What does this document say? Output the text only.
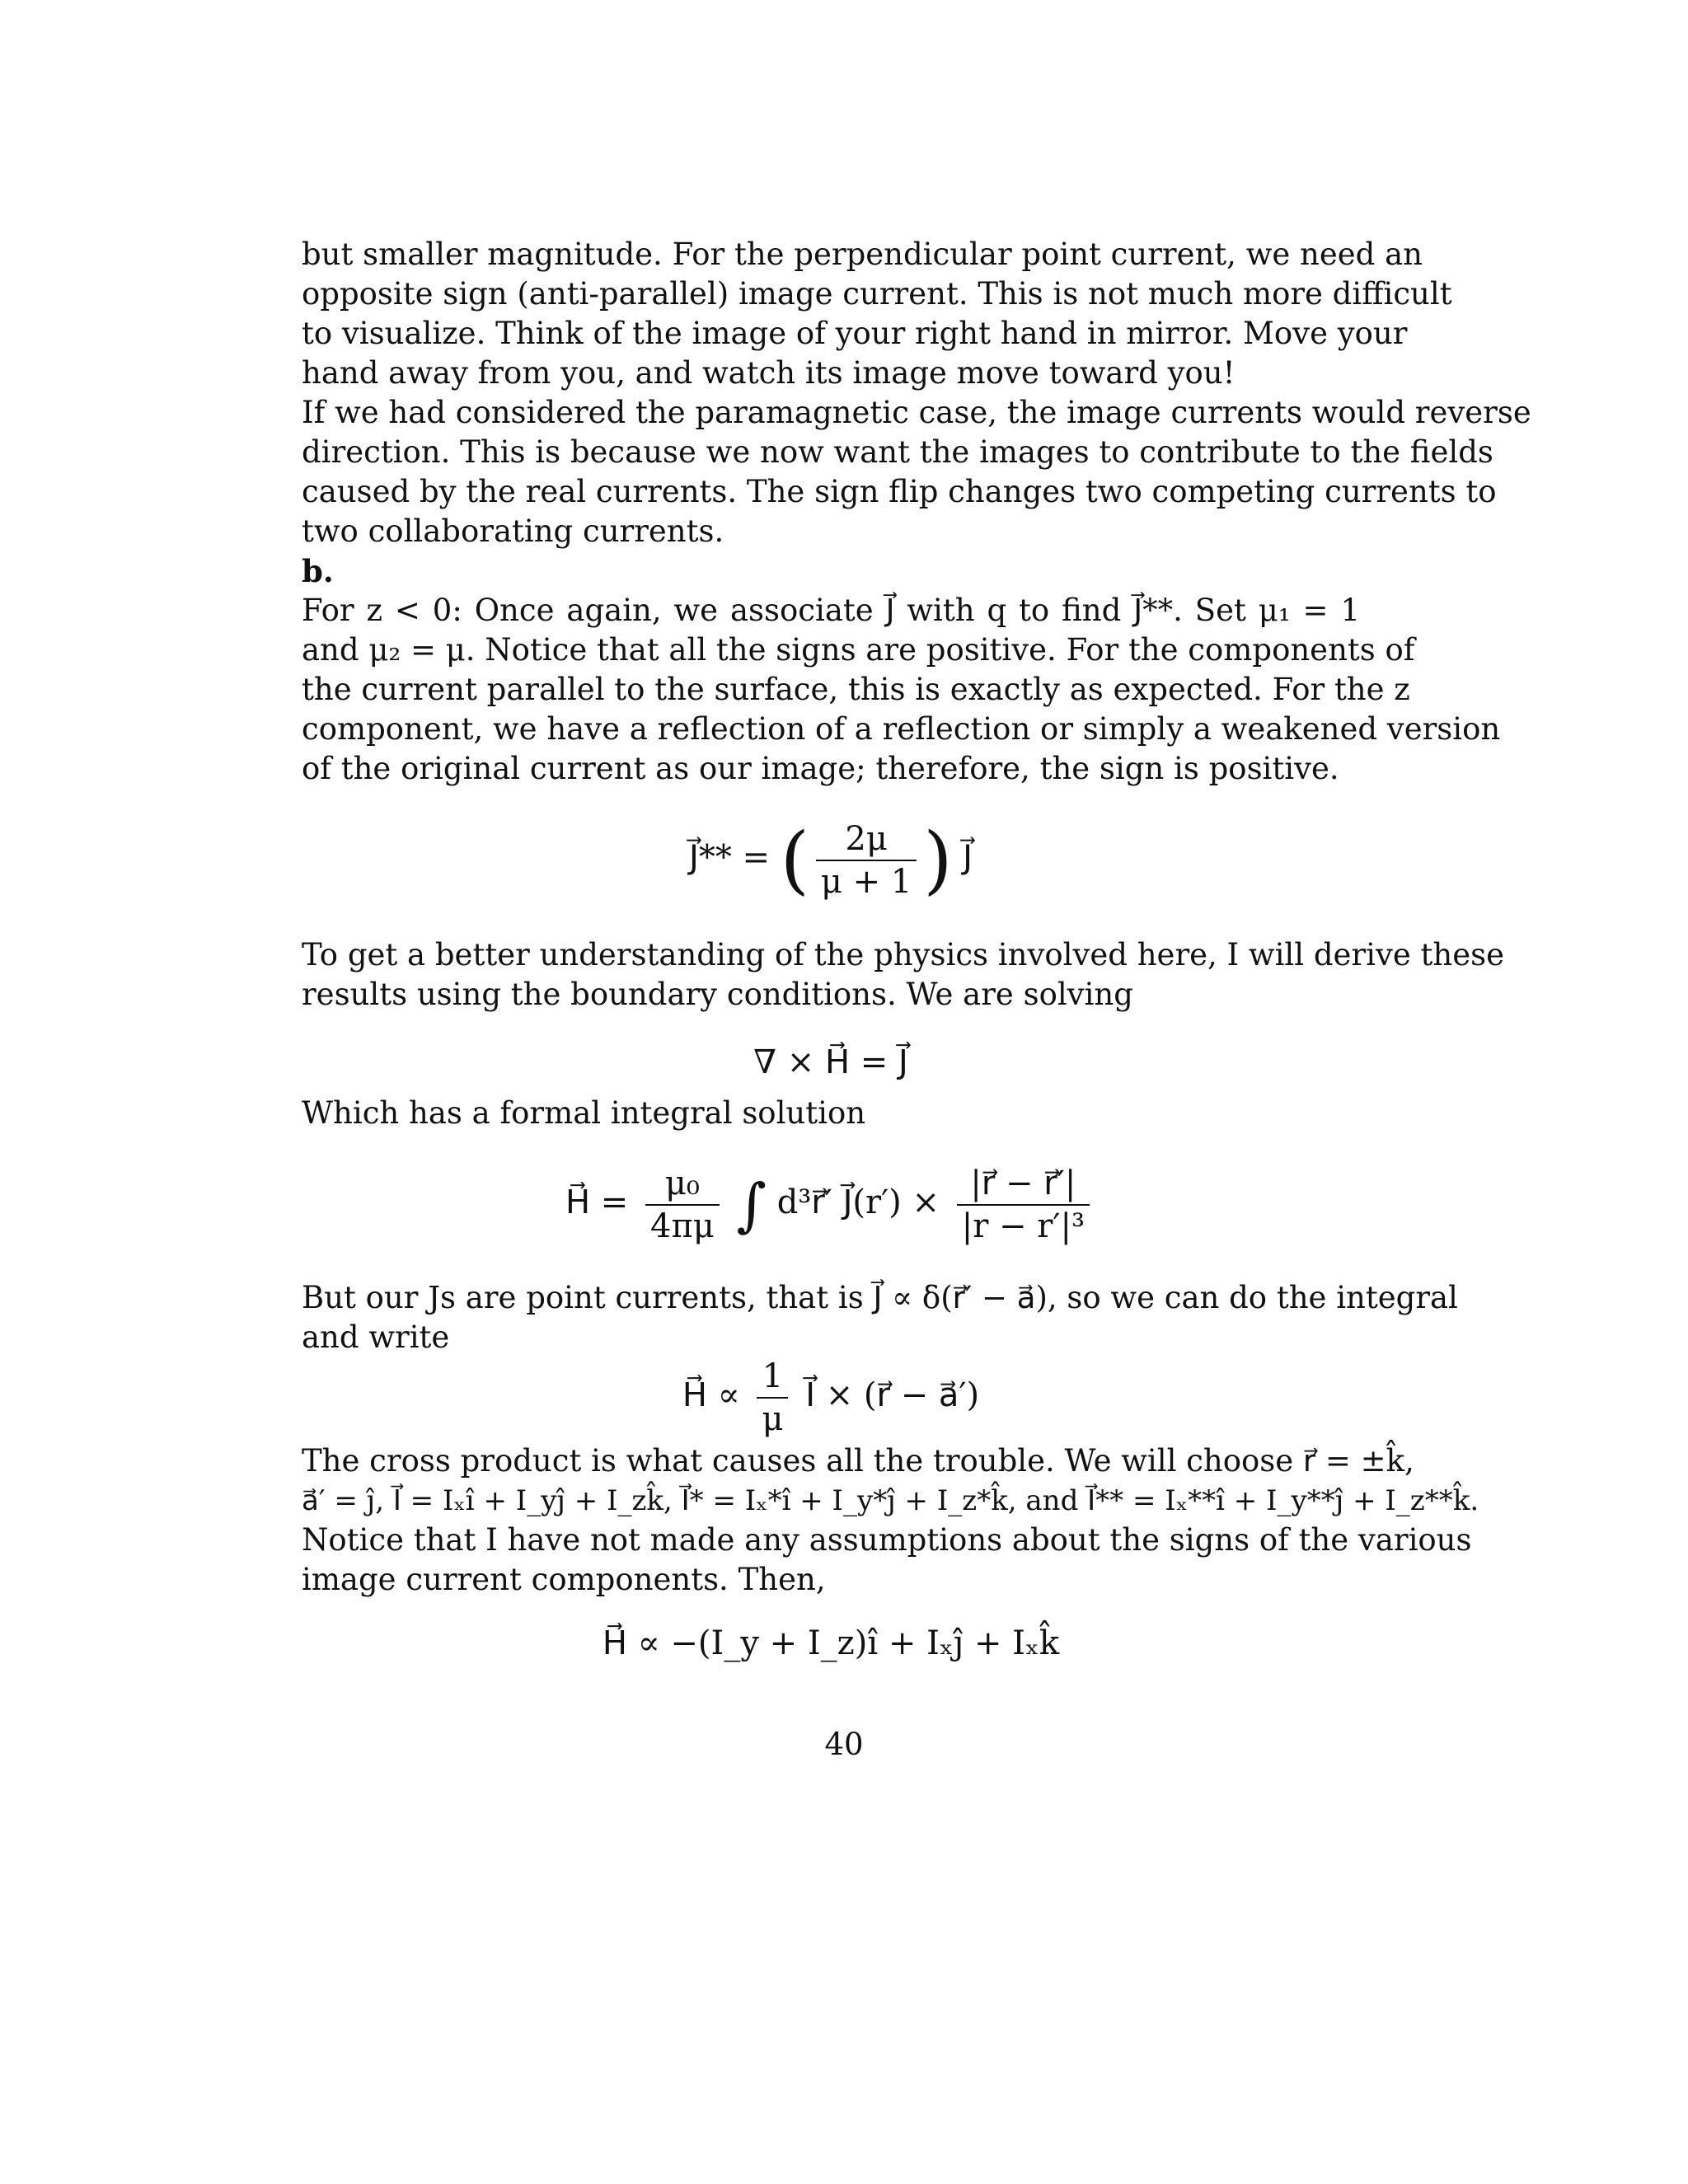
but smaller magnitude. For the perpendicular point current, we need an
opposite sign (anti-parallel) image current. This is not much more difficult
to visualize. Think of the image of your right hand in mirror. Move your
hand away from you, and watch its image move toward you!
If we had considered the paramagnetic case, the image currents would reverse
direction. This is because we now want the images to contribute to the fields
caused by the real currents. The sign flip changes two competing currents to
two collaborating currents.
b.
For z < 0: Once again, we associate J⃗ with q to find J⃗**. Set μ₁ = 1
and μ₂ = μ. Notice that all the signs are positive. For the components of
the current parallel to the surface, this is exactly as expected. For the z
component, we have a reflection of a reflection or simply a weakened version
of the original current as our image; therefore, the sign is positive.
J⃗** = ( $\frac{2\mu}{\mu + 1}$ ) J⃗
To get a better understanding of the physics involved here, I will derive these
results using the boundary conditions. We are solving
∇ × H⃗ = J⃗
Which has a formal integral solution
H⃗ = $\frac{\text{μ₀}}{4\pi\mu}$ ∫ d³r⃗′ J⃗(r′) × $\frac{|r⃗ - r⃗'|}{\text{|r − r′|³}}$
But our Js are point currents, that is J⃗ ∝ δ(r⃗′ − a⃗), so we can do the integral
and write
H⃗ ∝ $\frac{1}{\mu}$ I⃗ × (r⃗ − a⃗′)
The cross product is what causes all the trouble. We will choose r⃗ = ±k̂,
a⃗′ = ĵ, I⃗ = Iₓî + I_yĵ + I_zk̂, I⃗* = Iₓ*î + I_y*ĵ + I_z*k̂, and I⃗** = Iₓ**î + I_y**ĵ + I_z**k̂.
Notice that I have not made any assumptions about the signs of the various
image current components. Then,
H⃗ ∝ −(I_y + I_z)î + Iₓĵ + Iₓk̂
40
